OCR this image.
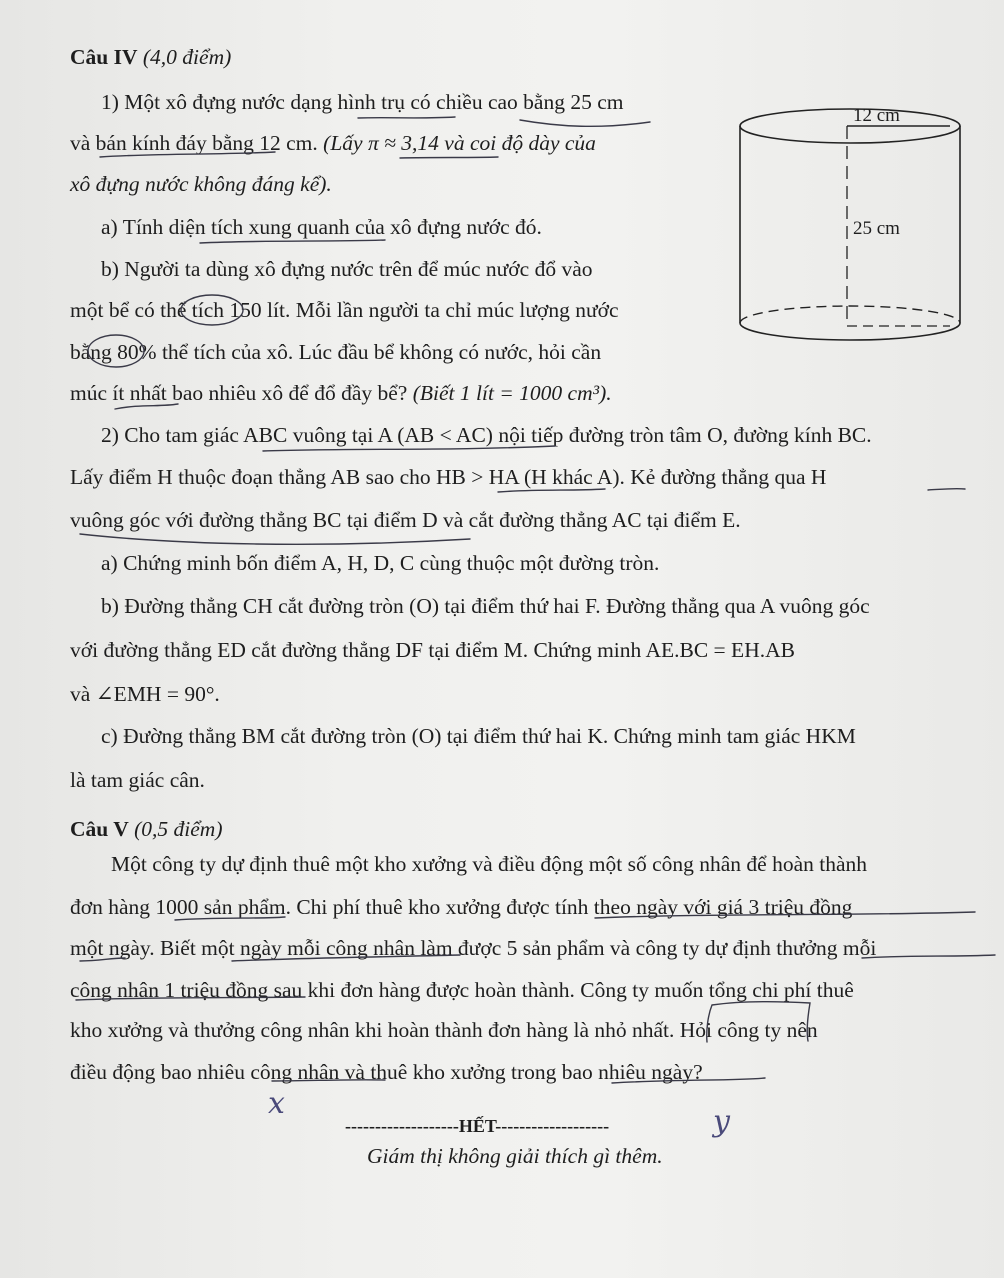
Câu IV (4,0 điểm)
1) Một xô đựng nước dạng hình trụ có chiều cao bằng 25 cm
và bán kính đáy bằng 12 cm. (Lấy π ≈ 3,14 và coi độ dày của
xô đựng nước không đáng kể).
a) Tính diện tích xung quanh của xô đựng nước đó.
b) Người ta dùng xô đựng nước trên để múc nước đổ vào
một bể có thể tích 150 lít. Mỗi lần người ta chỉ múc lượng nước
bằng 80% thể tích của xô. Lúc đầu bể không có nước, hỏi cần
múc ít nhất bao nhiêu xô để đổ đầy bể? (Biết 1 lít = 1000 cm³).
12 cm
25 cm
2) Cho tam giác ABC vuông tại A (AB < AC) nội tiếp đường tròn tâm O, đường kính BC.
Lấy điểm H thuộc đoạn thẳng AB sao cho HB > HA (H khác A). Kẻ đường thẳng qua H
vuông góc với đường thẳng BC tại điểm D và cắt đường thẳng AC tại điểm E.
a) Chứng minh bốn điểm A, H, D, C cùng thuộc một đường tròn.
b) Đường thẳng CH cắt đường tròn (O) tại điểm thứ hai F. Đường thẳng qua A vuông góc
với đường thẳng ED cắt đường thẳng DF tại điểm M. Chứng minh AE.BC = EH.AB
và ∠EMH = 90°.
c) Đường thẳng BM cắt đường tròn (O) tại điểm thứ hai K. Chứng minh tam giác HKM
là tam giác cân.
Câu V (0,5 điểm)
Một công ty dự định thuê một kho xưởng và điều động một số công nhân để hoàn thành
đơn hàng 1000 sản phẩm. Chi phí thuê kho xưởng được tính theo ngày với giá 3 triệu đồng
một ngày. Biết một ngày mỗi công nhân làm được 5 sản phẩm và công ty dự định thưởng mỗi
công nhân 1 triệu đồng sau khi đơn hàng được hoàn thành. Công ty muốn tổng chi phí thuê
kho xưởng và thưởng công nhân khi hoàn thành đơn hàng là nhỏ nhất. Hỏi công ty nên
điều động bao nhiêu công nhân và thuê kho xưởng trong bao nhiêu ngày?
-------------------HẾT-------------------
Giám thị không giải thích gì thêm.
x
y
